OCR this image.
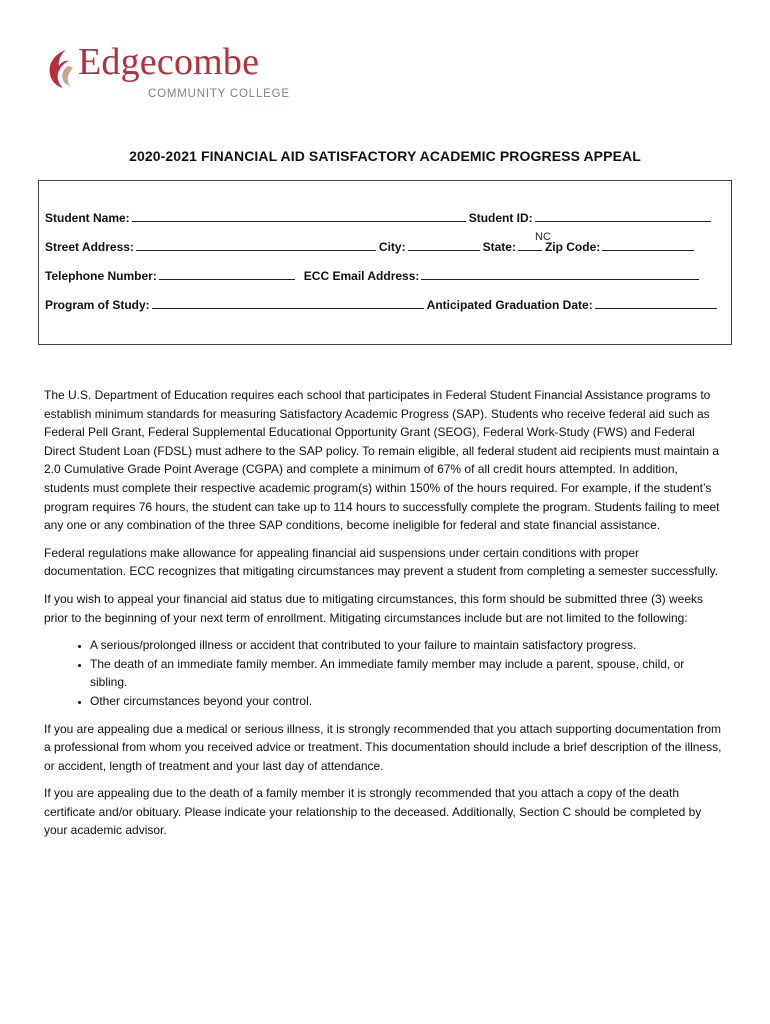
Edgecombe
COMMUNITY COLLEGE
2020-2021 FINANCIAL AID SATISFACTORY ACADEMIC PROGRESS APPEAL
Student Name:	Student ID:
Street Address:	City:	State: Zip Code:
Telephone Number:	ECC Email Address:
Program of Study:	Anticipated Graduation Date:
NC

The U.S. Department of Education requires each school that participates in Federal Student Financial Assistance programs to establish minimum standards for measuring Satisfactory Academic Progress (SAP). Students who receive federal aid such as Federal Pell Grant, Federal Supplemental Educational Opportunity Grant (SEOG), Federal Work-Study (FWS) and Federal Direct Student Loan (FDSL) must adhere to the SAP policy. To remain eligible, all federal student aid recipients must maintain a 2.0 Cumulative Grade Point Average (CGPA) and complete a minimum of 67% of all credit hours attempted. In addition, students must complete their respective academic program(s) within 150% of the hours required. For example, if the student’s program requires 76 hours, the student can take up to 114 hours to successfully complete the program. Students failing to meet any one or any combination of the three SAP conditions, become ineligible for federal and state financial assistance.

Federal regulations make allowance for appealing financial aid suspensions under certain conditions with proper documentation. ECC recognizes that mitigating circumstances may prevent a student from completing a semester successfully.

If you wish to appeal your financial aid status due to mitigating circumstances, this form should be submitted three (3) weeks prior to the beginning of your next term of enrollment. Mitigating circumstances include but are not limited to the following:

• A serious/prolonged illness or accident that contributed to your failure to maintain satisfactory progress.
• The death of an immediate family member. An immediate family member may include a parent, spouse, child, or sibling.
• Other circumstances beyond your control.

If you are appealing due a medical or serious illness, it is strongly recommended that you attach supporting documentation from a professional from whom you received advice or treatment. This documentation should include a brief description of the illness, or accident, length of treatment and your last day of attendance.

If you are appealing due to the death of a family member it is strongly recommended that you attach a copy of the death certificate and/or obituary. Please indicate your relationship to the deceased. Additionally, Section C should be completed by your academic advisor.
